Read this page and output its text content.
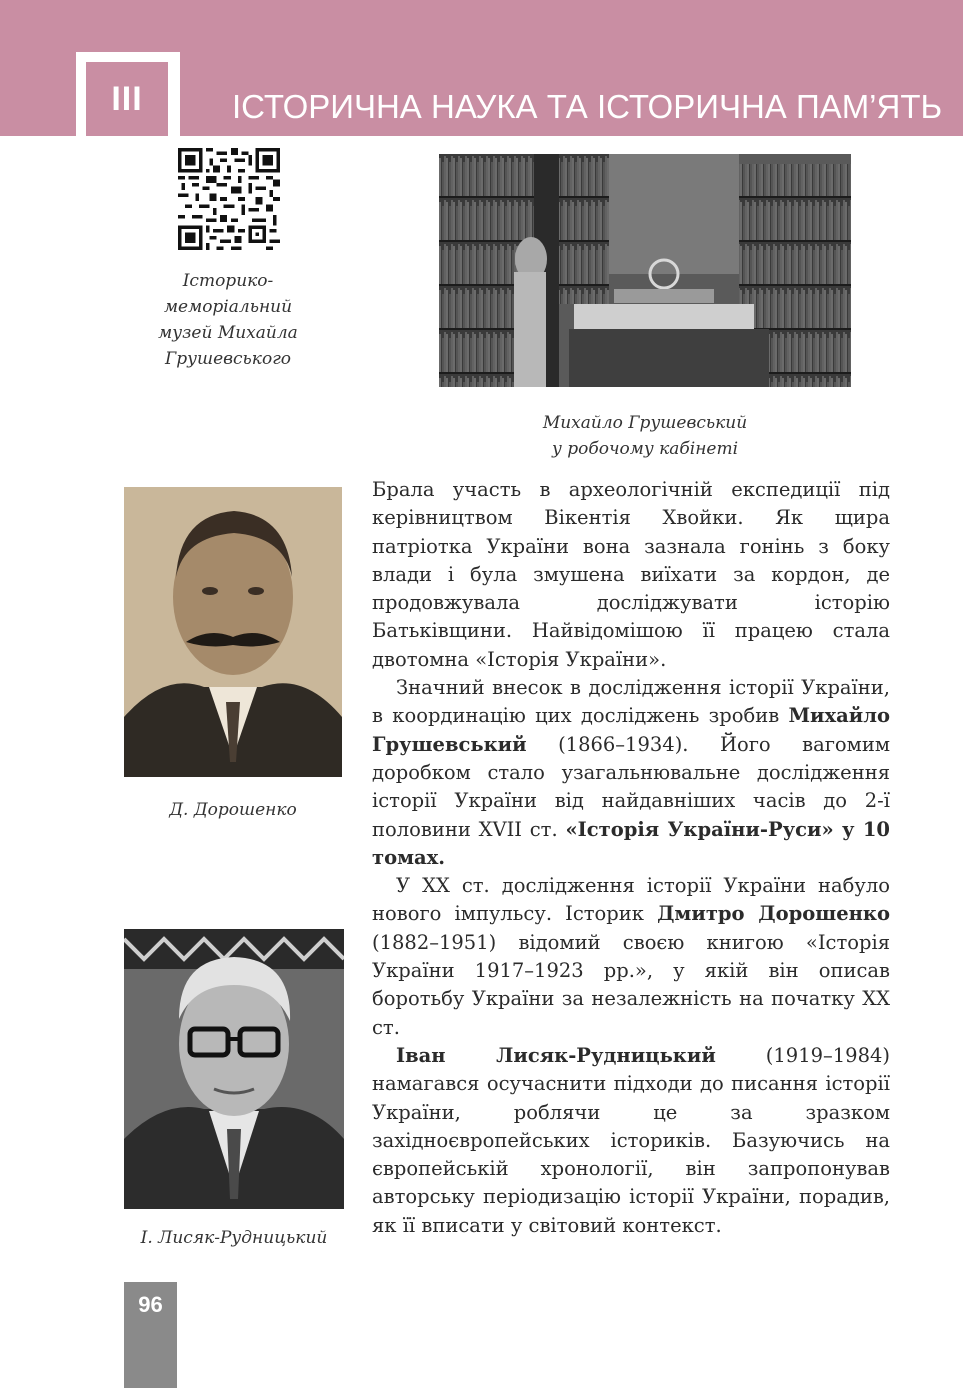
III	ІСТОРИЧНА НАУКА ТА ІСТОРИЧНА ПАМ’ЯТЬ
Історико-
меморіальний
музей Михайла
Грушевського
Михайло Грушевський
у робочому кабінеті
Д. Дорошенко
І. Лисяк-Рудницький

Брала участь в археологічній експедиції під керівництвом Вікентія Хвойки. Як щира патріотка України вона зазнала гонінь з боку влади і була змушена виїхати за кордон, де продовжувала досліджувати історію Батьківщини. Найвідомішою її працею стала двотомна «Історія України».

Значний внесок в дослідження історії України, в координацію цих досліджень зробив Михайло Грушевський (1866–1934). Його вагомим доробком стало узагальнювальне дослідження історії України від найдавніших часів до 2-ї половини XVII ст. «Історія України-Руси» у 10 томах.

У XX ст. дослідження історії України набуло нового імпульсу. Історик Дмитро Дорошенко (1882–1951) відомий своєю книгою «Історія України 1917–1923 рр.», у якій він описав боротьбу України за незалежність на початку XX ст.

Іван Лисяк-Рудницький (1919–1984) намагався осучаснити підходи до писання історії України, роблячи це за зразком західноєвропейських істориків. Базуючись на європейській хронології, він запропонував авторську періодизацію історії України, порадив, як її вписати у світовий контекст.

96
